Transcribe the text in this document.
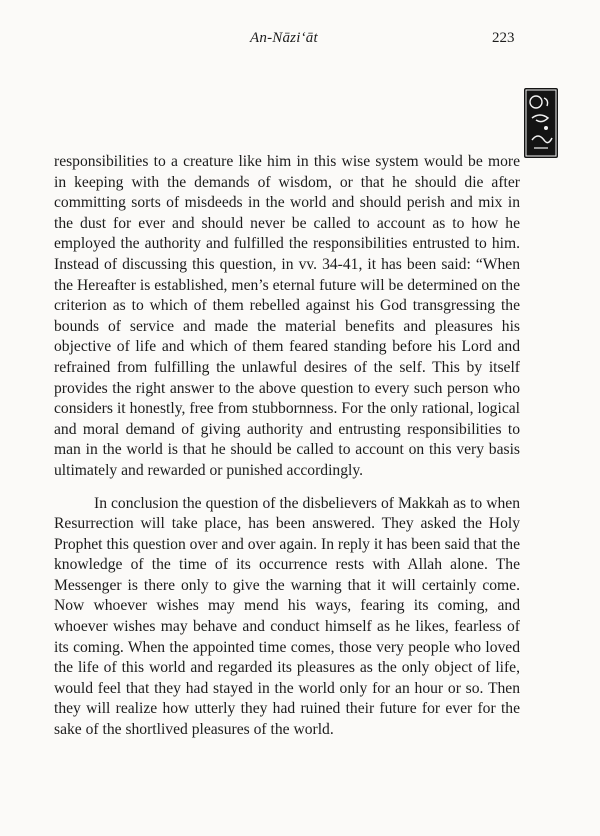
An-Nāzi‘āt	223

responsibilities to a creature like him in this wise system would be more in keeping with the demands of wisdom, or that he should die after committing sorts of misdeeds in the world and should perish and mix in the dust for ever and should never be called to account as to how he employed the authority and fulfilled the responsibilities entrusted to him. Instead of discussing this question, in vv. 34-41, it has been said: “When the Hereafter is established, men’s eternal future will be determined on the criterion as to which of them rebelled against his God transgressing the bounds of service and made the material benefits and pleasures his objective of life and which of them feared standing before his Lord and refrained from fulfilling the unlawful desires of the self. This by itself provides the right answer to the above question to every such person who considers it honestly, free from stubbornness. For the only rational, logical and moral demand of giving authority and entrusting responsibilities to man in the world is that he should be called to account on this very basis ultimately and rewarded or punished accordingly.

In conclusion the question of the disbelievers of Makkah as to when Resurrection will take place, has been answered. They asked the Holy Prophet this question over and over again. In reply it has been said that the knowledge of the time of its occurrence rests with Allah alone. The Messenger is there only to give the warning that it will certainly come. Now whoever wishes may mend his ways, fearing its coming, and whoever wishes may behave and conduct himself as he likes, fearless of its coming. When the appointed time comes, those very people who loved the life of this world and regarded its pleasures as the only object of life, would feel that they had stayed in the world only for an hour or so. Then they will realize how utterly they had ruined their future for ever for the sake of the shortlived pleasures of the world.
